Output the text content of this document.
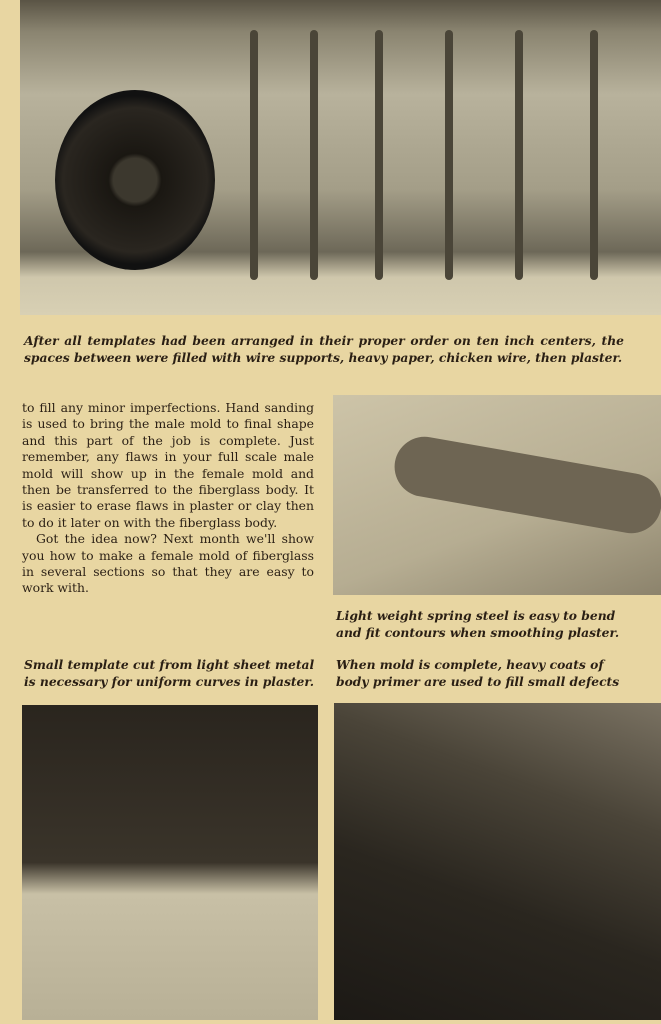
After all templates had been arranged in their proper order on ten inch centers, the spaces between were filled with wire supports, heavy paper, chicken wire, then plaster.

to fill any minor imperfections. Hand sanding is used to bring the male mold to final shape and this part of the job is complete. Just remember, any flaws in your full scale male mold will show up in the female mold and then be transferred to the fiberglass body. It is easier to erase flaws in plaster or clay then to do it later on with the fiberglass body.

Got the idea now? Next month we'll show you how to make a female mold of fiberglass in several sections so that they are easy to work with.

Light weight spring steel is easy to bend and fit contours when smoothing plaster.
Small template cut from light sheet metal is necessary for uniform curves in plaster.
When mold is complete, heavy coats of body primer are used to fill small defects
